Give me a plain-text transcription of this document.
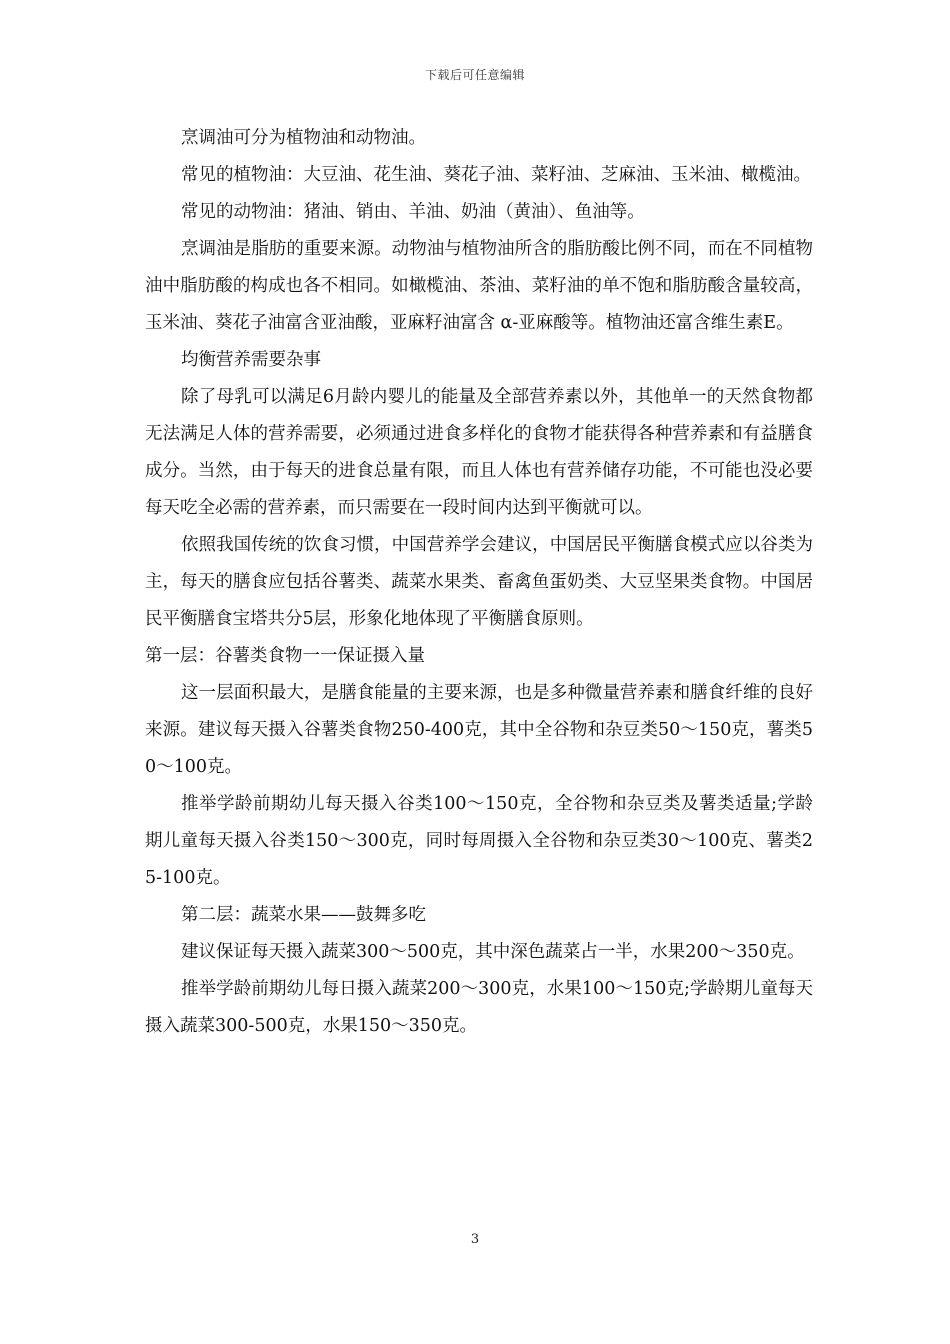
下载后可任意编辑

烹调油可分为植物油和动物油。

常见的植物油：大豆油、花生油、葵花子油、菜籽油、芝麻油、玉米油、橄榄油。

常见的动物油：猪油、销由、羊油、奶油（黄油）、鱼油等。

烹调油是脂肪的重要来源。动物油与植物油所含的脂肪酸比例不同，而在不同植物油中脂肪酸的构成也各不相同。如橄榄油、茶油、菜籽油的单不饱和脂肪酸含量较高，玉米油、葵花子油富含亚油酸，亚麻籽油富含 α-亚麻酸等。植物油还富含维生素E。

均衡营养需要杂事

除了母乳可以满足6月龄内婴儿的能量及全部营养素以外，其他单一的天然食物都无法满足人体的营养需要，必须通过进食多样化的食物才能获得各种营养素和有益膳食成分。当然，由于每天的进食总量有限，而且人体也有营养储存功能，不可能也没必要每天吃全必需的营养素，而只需要在一段时间内达到平衡就可以。

依照我国传统的饮食习惯，中国营养学会建议，中国居民平衡膳食模式应以谷类为主，每天的膳食应包括谷薯类、蔬菜水果类、畜禽鱼蛋奶类、大豆坚果类食物。中国居民平衡膳食宝塔共分5层，形象化地体现了平衡膳食原则。

第一层：谷薯类食物一一保证摄入量

这一层面积最大，是膳食能量的主要来源，也是多种微量营养素和膳食纤维的良好来源。建议每天摄入谷薯类食物250-400克，其中全谷物和杂豆类50～150克，薯类50～100克。

推举学龄前期幼儿每天摄入谷类100～150克，全谷物和杂豆类及薯类适量;学龄期儿童每天摄入谷类150～300克，同时每周摄入全谷物和杂豆类30～100克、薯类25-100克。

第二层：蔬菜水果——鼓舞多吃

建议保证每天摄入蔬菜300～500克，其中深色蔬菜占一半，水果200～350克。

推举学龄前期幼儿每日摄入蔬菜200～300克，水果100～150克;学龄期儿童每天摄入蔬菜300-500克，水果150～350克。

3
